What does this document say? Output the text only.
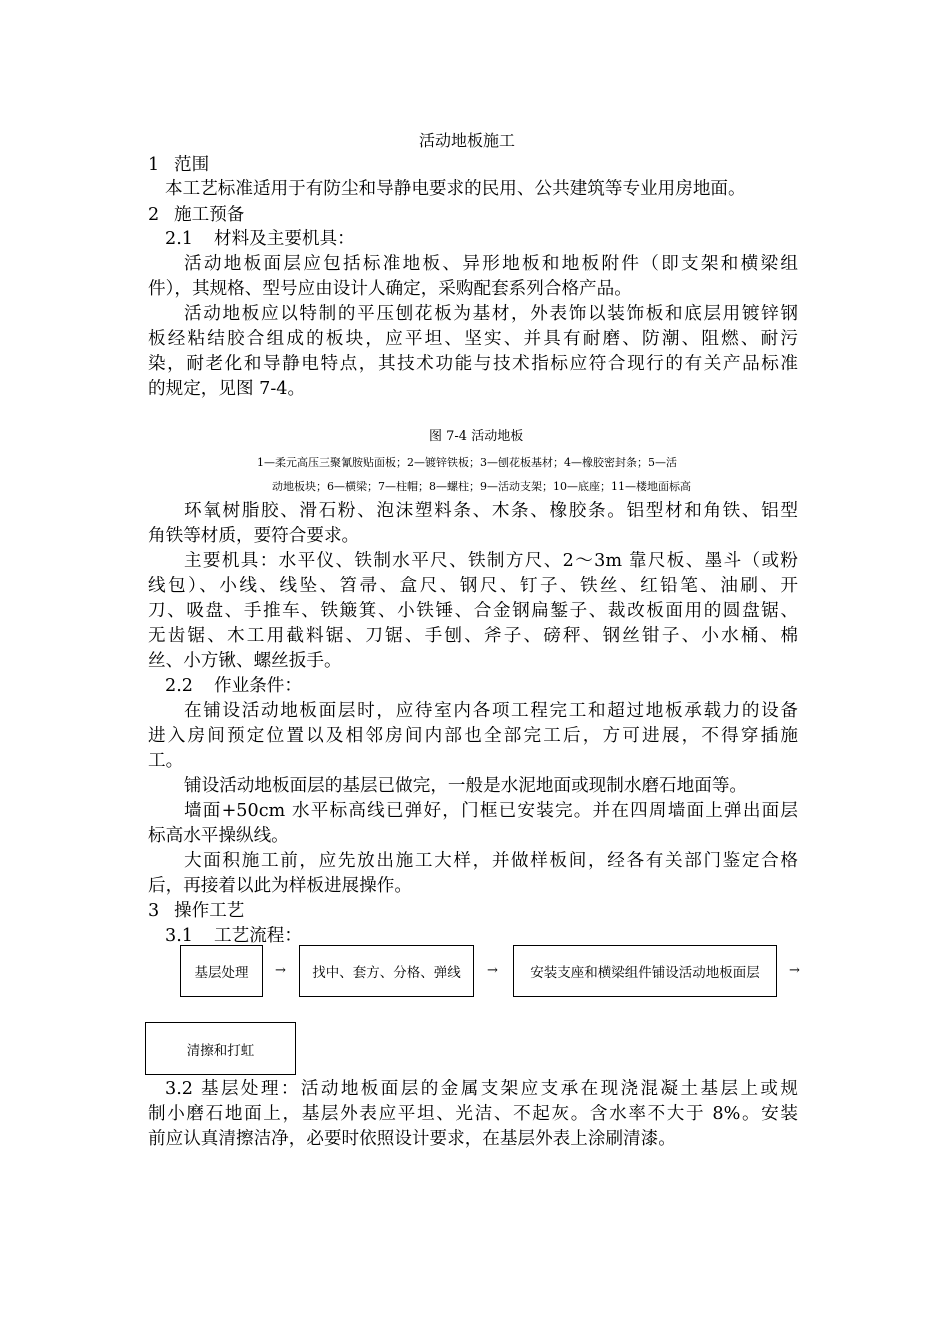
活动地板施工
1 范围
本工艺标准适用于有防尘和导静电要求的民用、公共建筑等专业用房地面。
2 施工预备
2.1 材料及主要机具：
活动地板面层应包括标准地板、异形地板和地板附件（即支架和横梁组
件），其规格、型号应由设计人确定，采购配套系列合格产品。
活动地板应以特制的平压刨花板为基材，外表饰以装饰板和底层用镀锌钢
板经粘结胶合组成的板块，应平坦、坚实、并具有耐磨、防潮、阻燃、耐污
染，耐老化和导静电特点，其技术功能与技术指标应符合现行的有关产品标准
的规定，见图 7-4。
图 7-4 活动地板
1—柔元高压三聚氰胺贴面板；2—镀锌铁板；3—刨花板基材；4—橡胶密封条；5—活
动地板块；6—横梁；7—柱帽；8—螺柱；9—活动支架；10—底座；11—楼地面标高
环氧树脂胶、滑石粉、泡沫塑料条、木条、橡胶条。铝型材和角铁、铝型
角铁等材质，要符合要求。
主要机具：水平仪、铁制水平尺、铁制方尺、2～3m 靠尺板、墨斗（或粉
线包）、小线、线坠、笤帚、盒尺、钢尺、钉子、铁丝、红铅笔、油刷、开
刀、吸盘、手推车、铁簸箕、小铁锤、合金钢扁錾子、裁改板面用的圆盘锯、
无齿锯、木工用截料锯、刀锯、手刨、斧子、磅秤、钢丝钳子、小水桶、棉
丝、小方锹、螺丝扳手。
2.2 作业条件：
在铺设活动地板面层时，应待室内各项工程完工和超过地板承载力的设备
进入房间预定位置以及相邻房间内部也全部完工后，方可进展，不得穿插施
工。
铺设活动地板面层的基层已做完，一般是水泥地面或现制水磨石地面等。
墙面+50cm 水平标高线已弹好，门框已安装完。并在四周墙面上弹出面层
标高水平操纵线。
大面积施工前，应先放出施工大样，并做样板间，经各有关部门鉴定合格
后，再接着以此为样板进展操作。
3 操作工艺
3.1 工艺流程：
基层处理	→	找中、套方、分格、弹线	→	安装支座和横梁组件铺设活动地板面层	→
清擦和打虹
3.2 基层处理：活动地板面层的金属支架应支承在现浇混凝土基层上或规
制小磨石地面上，基层外表应平坦、光洁、不起灰。含水率不大于 8%。安装
前应认真清擦洁净，必要时依照设计要求，在基层外表上涂刷清漆。
